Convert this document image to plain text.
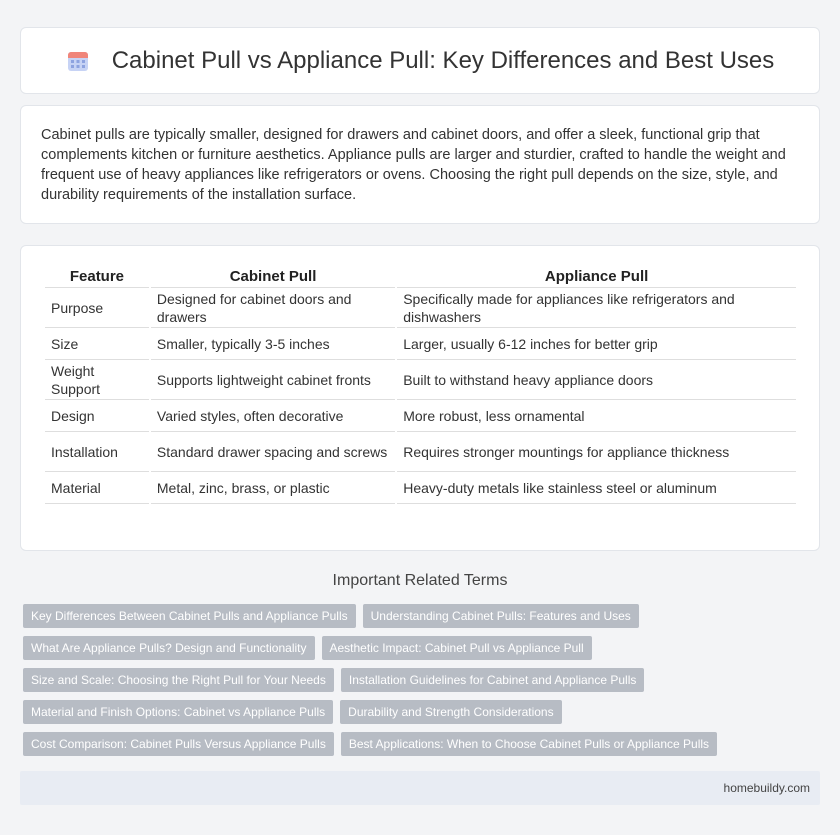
Cabinet Pull vs Appliance Pull: Key Differences and Best Uses

Cabinet pulls are typically smaller, designed for drawers and cabinet doors, and offer a sleek, functional grip that complements kitchen or furniture aesthetics. Appliance pulls are larger and sturdier, crafted to handle the weight and frequent use of heavy appliances like refrigerators or ovens. Choosing the right pull depends on the size, style, and durability requirements of the installation surface.

Feature	Cabinet Pull	Appliance Pull
Purpose	Designed for cabinet doors and drawers	Specifically made for appliances like refrigerators and dishwashers
Size	Smaller, typically 3-5 inches	Larger, usually 6-12 inches for better grip
Weight Support	Supports lightweight cabinet fronts	Built to withstand heavy appliance doors
Design	Varied styles, often decorative	More robust, less ornamental
Installation	Standard drawer spacing and screws	Requires stronger mountings for appliance thickness
Material	Metal, zinc, brass, or plastic	Heavy-duty metals like stainless steel or aluminum
Important Related Terms
Key Differences Between Cabinet Pulls and Appliance Pulls	Understanding Cabinet Pulls: Features and Uses
What Are Appliance Pulls? Design and Functionality	Aesthetic Impact: Cabinet Pull vs Appliance Pull
Size and Scale: Choosing the Right Pull for Your Needs	Installation Guidelines for Cabinet and Appliance Pulls
Material and Finish Options: Cabinet vs Appliance Pulls	Durability and Strength Considerations
Cost Comparison: Cabinet Pulls Versus Appliance Pulls	Best Applications: When to Choose Cabinet Pulls or Appliance Pulls
homebuildy.com
